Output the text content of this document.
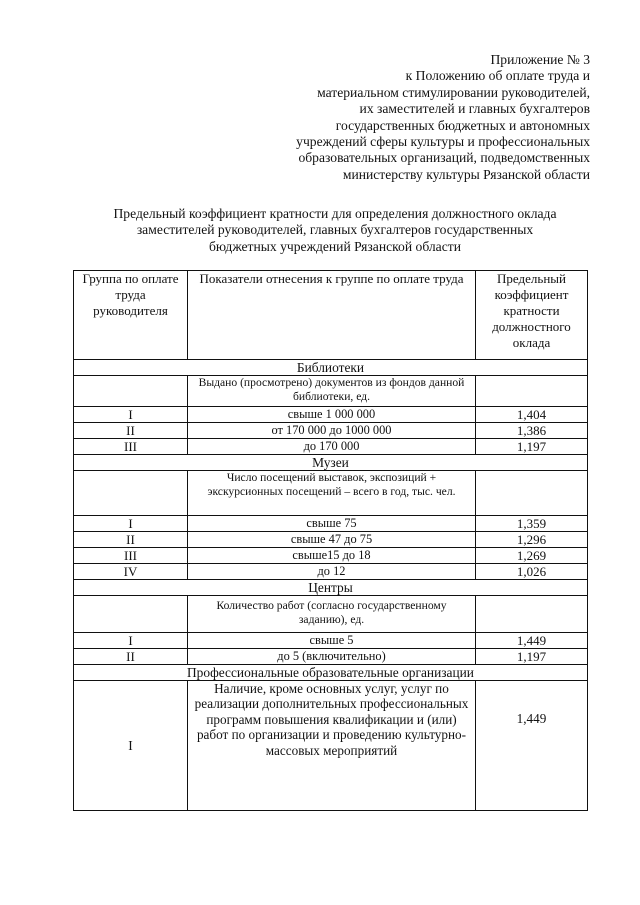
Приложение № 3
к Положению об оплате труда и
материальном стимулировании руководителей,
их заместителей и главных бухгалтеров
государственных бюджетных и автономных
учреждений сферы культуры и профессиональных
образовательных организаций, подведомственных
министерству культуры Рязанской области
Предельный коэффициент кратности для определения должностного оклада
заместителей руководителей, главных бухгалтеров государственных
бюджетных учреждений Рязанской области
Группа по оплате труда руководителя	Показатели отнесения к группе по оплате труда	Предельный коэффициент кратности должностного оклада
Библиотеки		
	Выдано (просмотрено) документов из фондов данной библиотеки, ед.	
I	свыше 1 000 000	1,404
II	от 170 000 до 1000 000	1,386
III	до 170 000	1,197
Музеи		
	Число посещений выставок, экспозиций + экскурсионных посещений – всего в год, тыс. чел.	
I	свыше 75	1,359
II	свыше 47 до 75	1,296
III	свыше15 до 18	1,269
IV	до 12	1,026
Центры		
	Количество работ (согласно государственному заданию), ед.	
I	свыше 5	1,449
II	до 5 (включительно)	1,197
Профессиональные образовательные организации		
I	Наличие, кроме основных услуг, услуг по реализации дополнительных профессиональных программ повышения квалификации и (или) работ по организации и проведению культурно-массовых мероприятий	1,449
